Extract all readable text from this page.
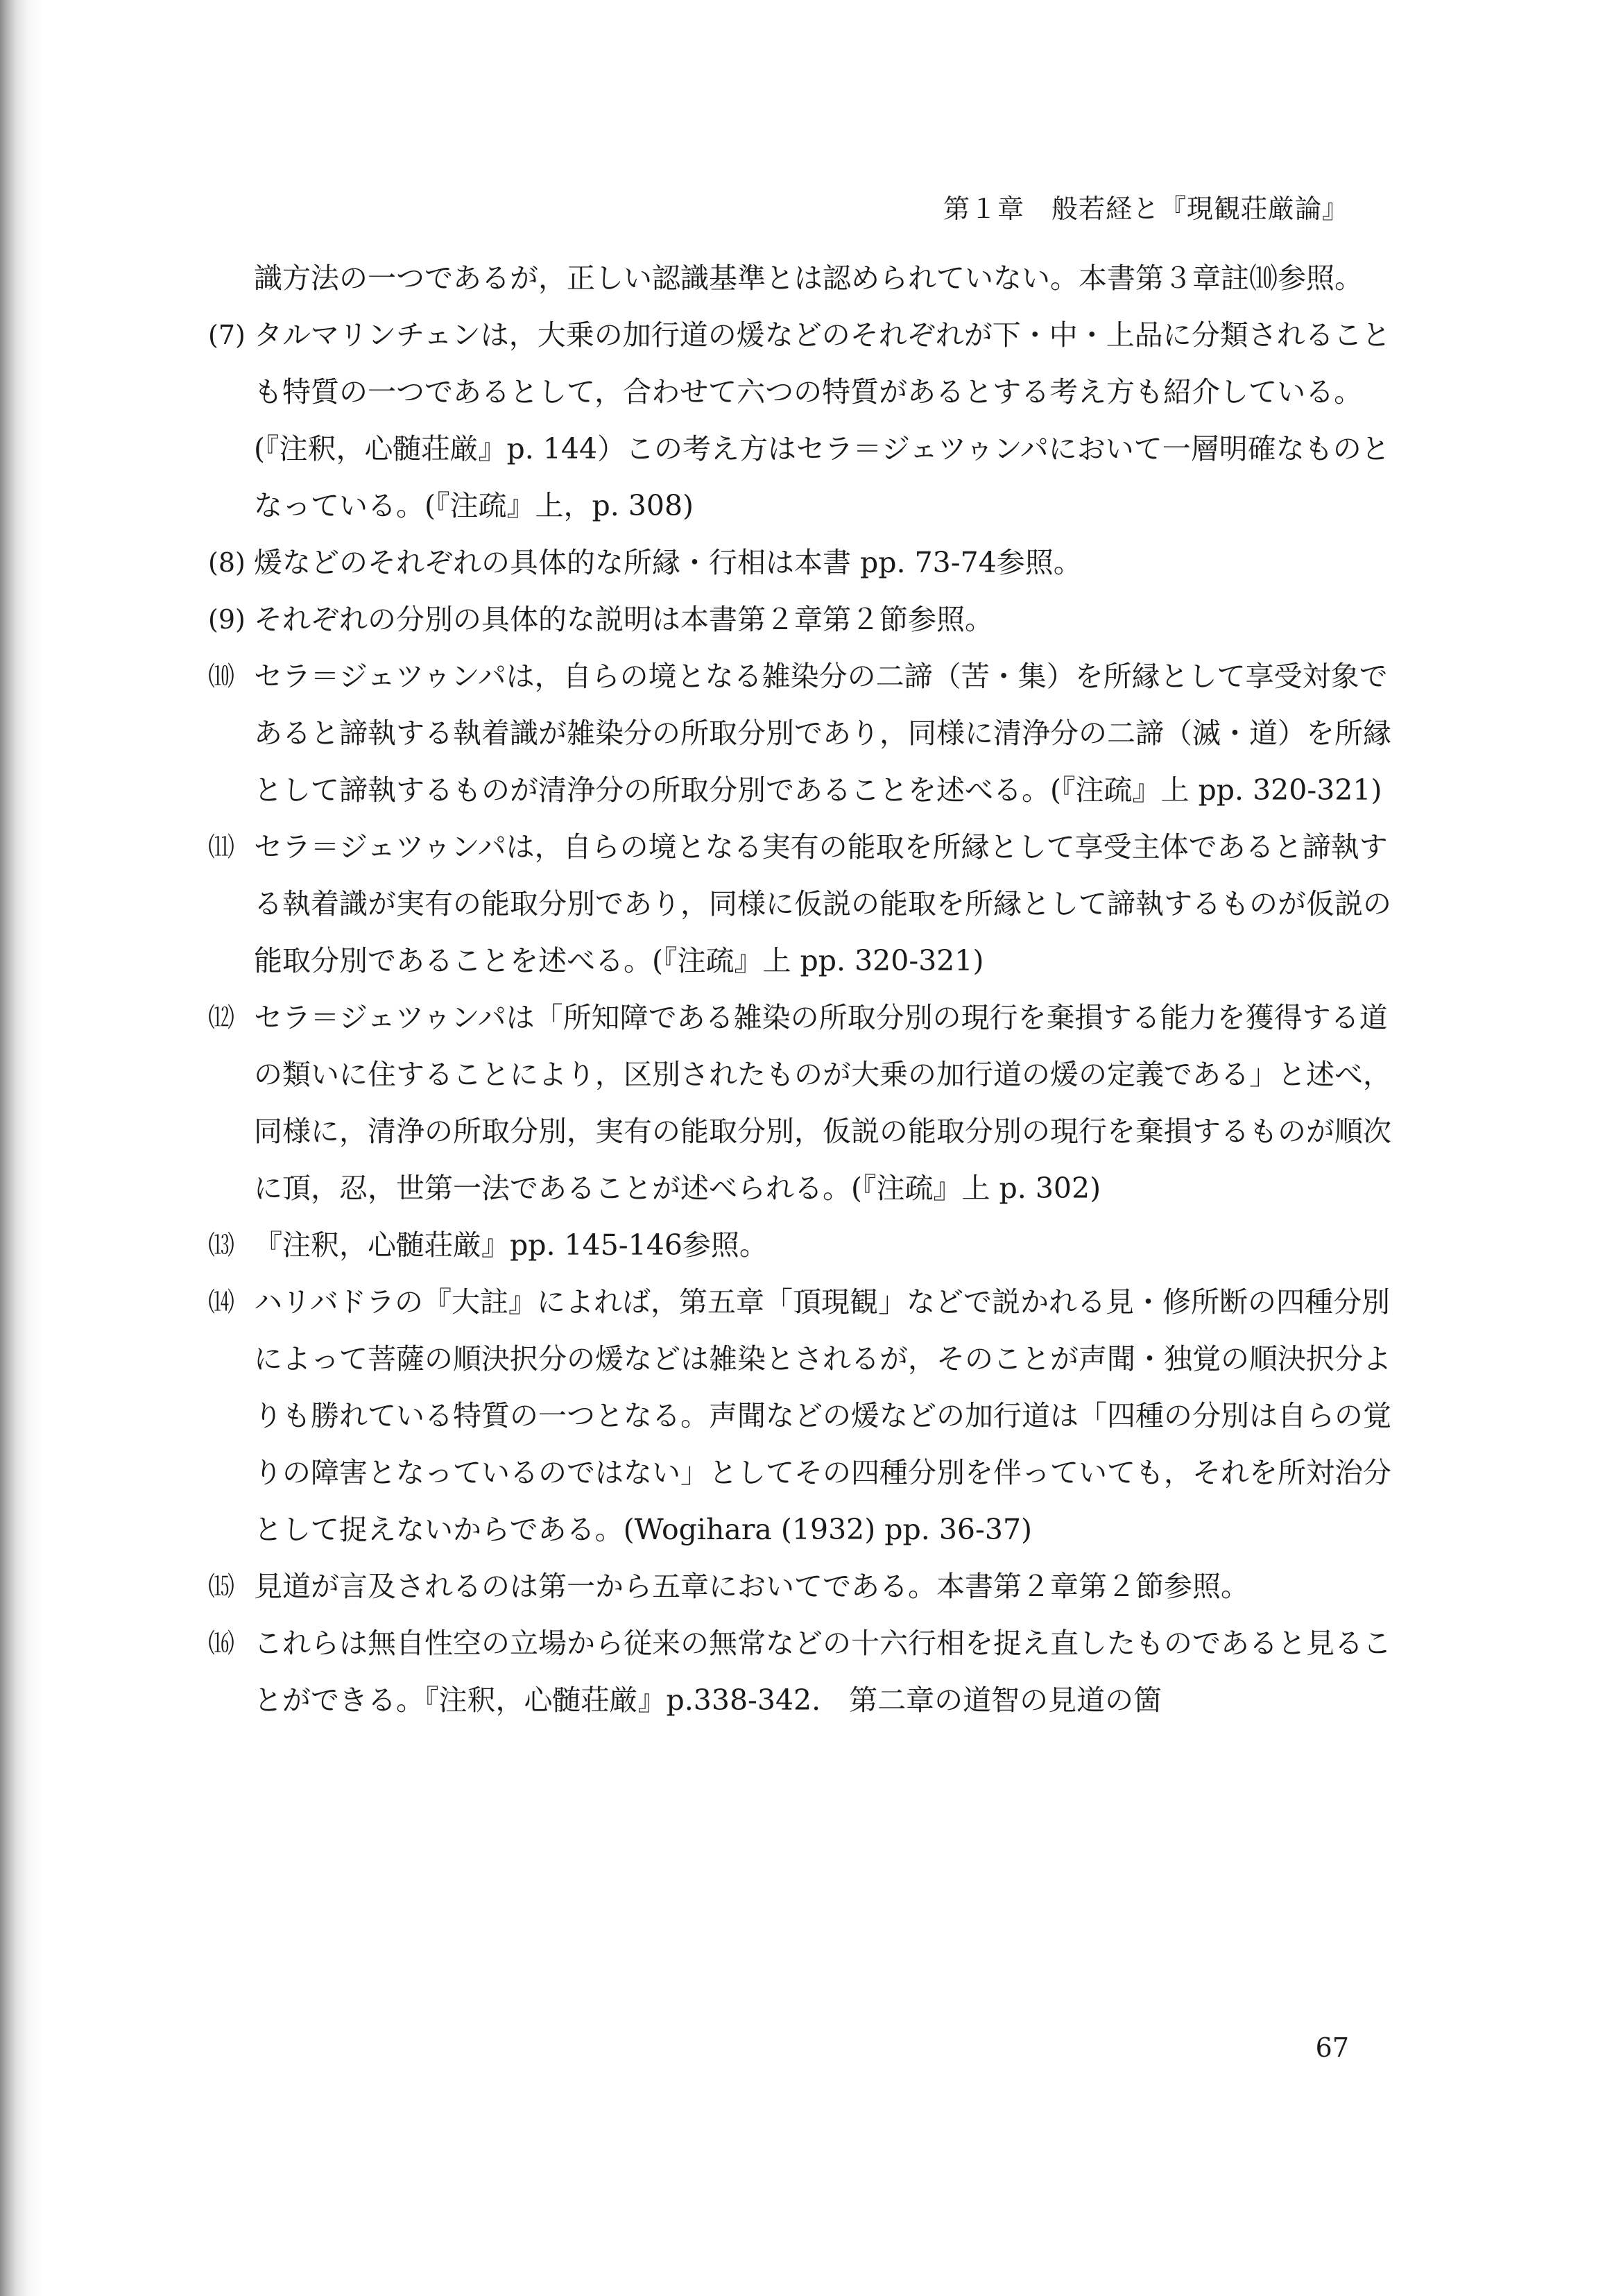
第１章　般若経と『現観荘厳論』

識方法の一つであるが，正しい認識基準とは認められていない。本書第３章註⑽参照。

(7) タルマリンチェンは，大乗の加行道の煖などのそれぞれが下・中・上品に分類されることも特質の一つであるとして，合わせて六つの特質があるとする考え方も紹介している。(『注釈，心髄荘厳』p. 144）この考え方はセラ＝ジェツゥンパにおいて一層明確なものとなっている。(『注疏』上，p. 308)
(8) 煖などのそれぞれの具体的な所縁・行相は本書 pp. 73-74参照。
(9) それぞれの分別の具体的な説明は本書第２章第２節参照。
⑽ セラ＝ジェツゥンパは，自らの境となる雑染分の二諦（苦・集）を所縁として享受対象であると諦執する執着識が雑染分の所取分別であり，同様に清浄分の二諦（滅・道）を所縁として諦執するものが清浄分の所取分別であることを述べる。(『注疏』上 pp. 320-321)
⑾ セラ＝ジェツゥンパは，自らの境となる実有の能取を所縁として享受主体であると諦執する執着識が実有の能取分別であり，同様に仮説の能取を所縁として諦執するものが仮説の能取分別であることを述べる。(『注疏』上 pp. 320-321)
⑿ セラ＝ジェツゥンパは「所知障である雑染の所取分別の現行を棄損する能力を獲得する道の類いに住することにより，区別されたものが大乗の加行道の煖の定義である」と述べ，同様に，清浄の所取分別，実有の能取分別，仮説の能取分別の現行を棄損するものが順次に頂，忍，世第一法であることが述べられる。(『注疏』上 p. 302)
⒀ 『注釈，心髄荘厳』pp. 145-146参照。
⒁ ハリバドラの『大註』によれば，第五章「頂現観」などで説かれる見・修所断の四種分別によって菩薩の順決択分の煖などは雑染とされるが，そのことが声聞・独覚の順決択分よりも勝れている特質の一つとなる。声聞などの煖などの加行道は「四種の分別は自らの覚りの障害となっているのではない」としてその四種分別を伴っていても，それを所対治分として捉えないからである。(Wogihara (1932) pp. 36-37)
⒂ 見道が言及されるのは第一から五章においてである。本書第２章第２節参照。
⒃ これらは無自性空の立場から従来の無常などの十六行相を捉え直したものであると見ることができる。『注釈，心髄荘厳』p.338-342.　第二章の道智の見道の箇
67
